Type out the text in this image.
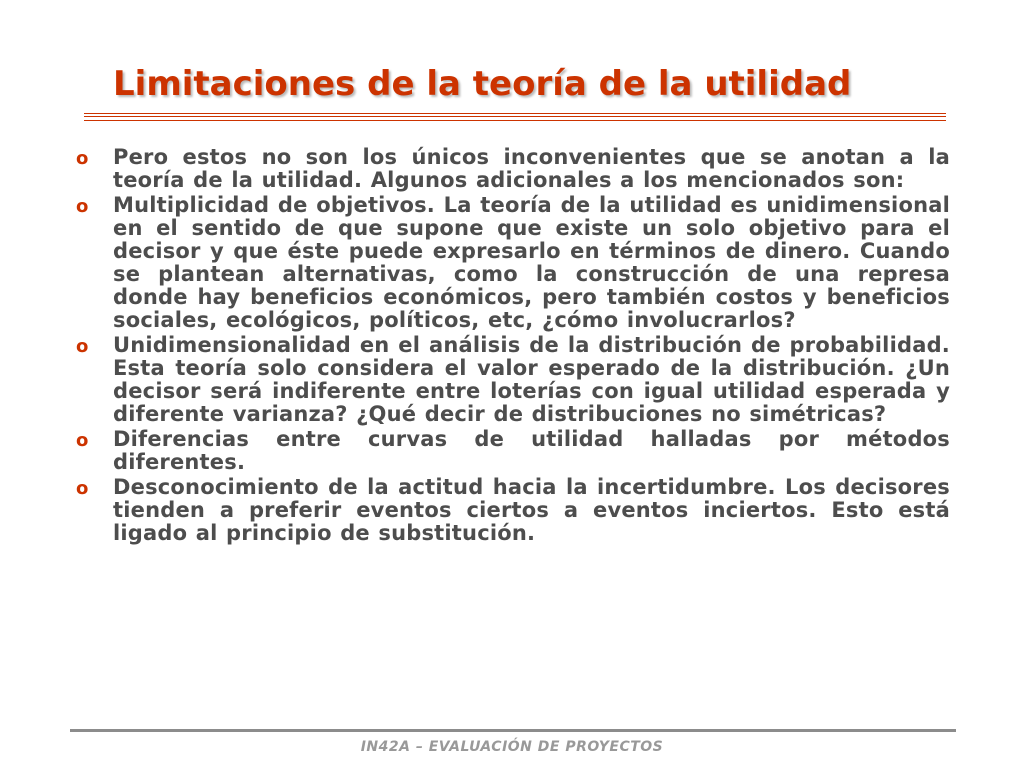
Limitaciones de la teoría de la utilidad
o Pero estos no son los únicos inconvenientes que se anotan a la teoría de la utilidad. Algunos adicionales a los mencionados son:
o Multiplicidad de objetivos. La teoría de la utilidad es unidimensional en el sentido de que supone que existe un solo objetivo para el decisor y que éste puede expresarlo en términos de dinero. Cuando se plantean alternativas, como la construcción de una represa donde hay beneficios económicos, pero también costos y beneficios sociales, ecológicos, políticos, etc, ¿cómo involucrarlos?
o Unidimensionalidad en el análisis de la distribución de probabilidad. Esta teoría solo considera el valor esperado de la distribución. ¿Un decisor será indiferente entre loterías con igual utilidad esperada y diferente varianza? ¿Qué decir de distribuciones no simétricas?
o Diferencias entre curvas de utilidad halladas por métodos diferentes.
o Desconocimiento de la actitud hacia la incertidumbre. Los decisores tienden a preferir eventos ciertos a eventos inciertos. Esto está ligado al principio de substitución.
IN42A – EVALUACIÓN DE PROYECTOS
